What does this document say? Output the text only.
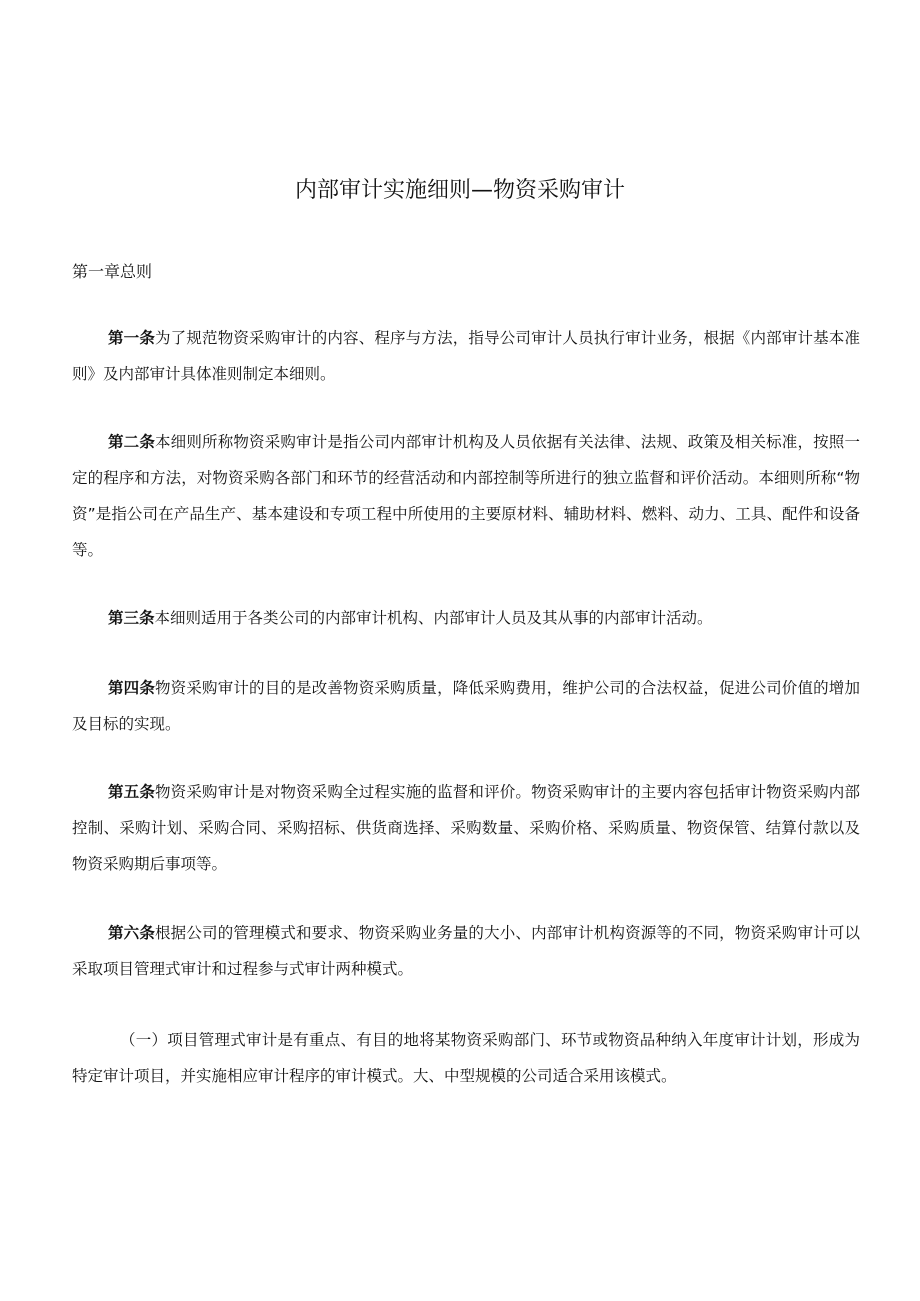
内部审计实施细则—物资采购审计
第一章总则

第一条为了规范物资采购审计的内容、程序与方法，指导公司审计人员执行审计业务，根据《内部审计基本准则》及内部审计具体准则制定本细则。

第二条本细则所称物资采购审计是指公司内部审计机构及人员依据有关法律、法规、政策及相关标准，按照一定的程序和方法，对物资采购各部门和环节的经营活动和内部控制等所进行的独立监督和评价活动。本细则所称“物资”是指公司在产品生产、基本建设和专项工程中所使用的主要原材料、辅助材料、燃料、动力、工具、配件和设备等。

第三条本细则适用于各类公司的内部审计机构、内部审计人员及其从事的内部审计活动。

第四条物资采购审计的目的是改善物资采购质量，降低采购费用，维护公司的合法权益，促进公司价值的增加及目标的实现。

第五条物资采购审计是对物资采购全过程实施的监督和评价。物资采购审计的主要内容包括审计物资采购内部控制、采购计划、采购合同、采购招标、供货商选择、采购数量、采购价格、采购质量、物资保管、结算付款以及物资采购期后事项等。

第六条根据公司的管理模式和要求、物资采购业务量的大小、内部审计机构资源等的不同，物资采购审计可以采取项目管理式审计和过程参与式审计两种模式。

（一）项目管理式审计是有重点、有目的地将某物资采购部门、环节或物资品种纳入年度审计计划，形成为特定审计项目，并实施相应审计程序的审计模式。大、中型规模的公司适合采用该模式。
